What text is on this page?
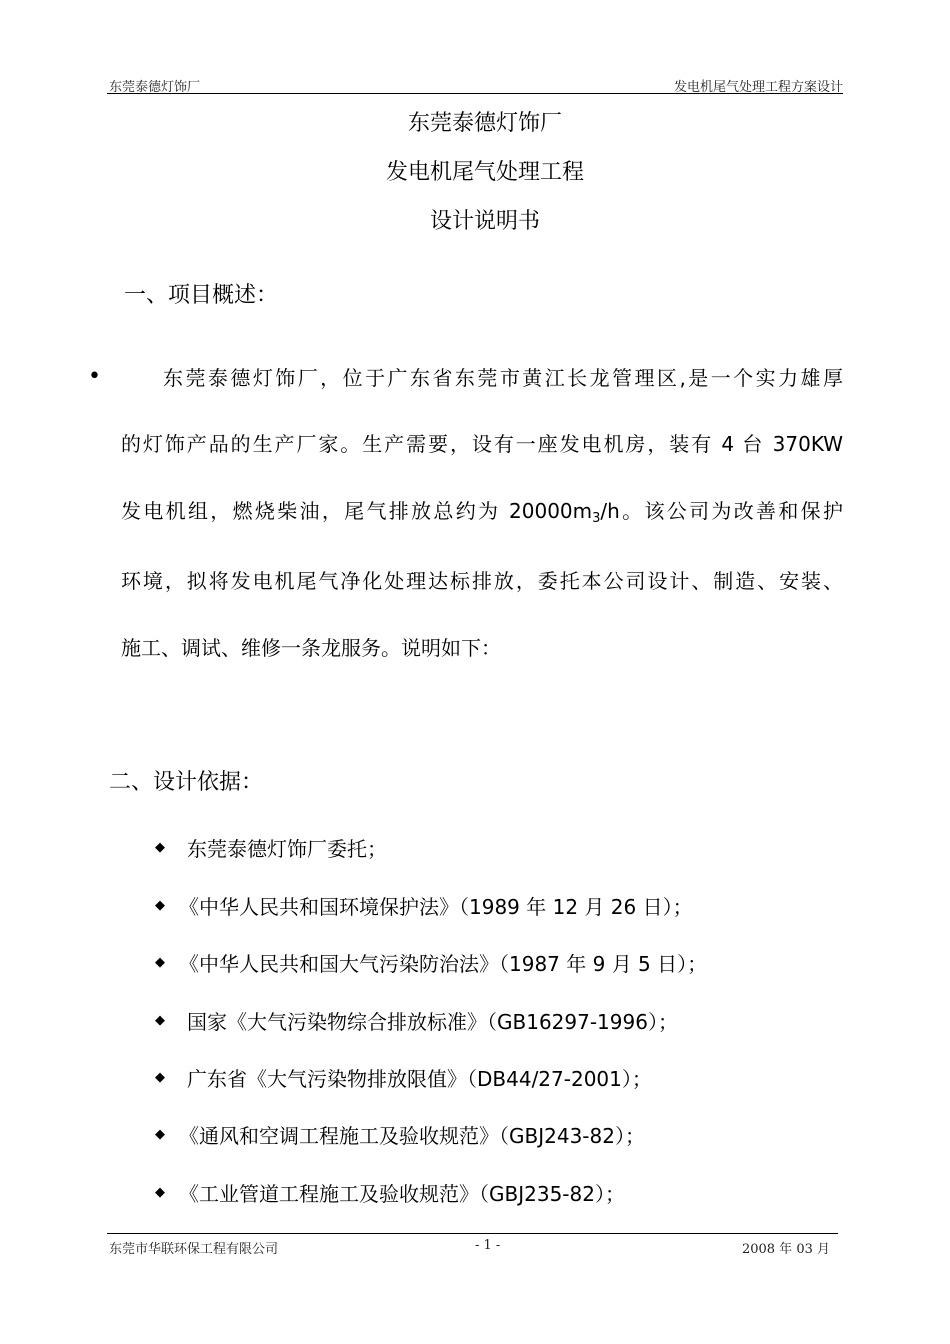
东莞泰德灯饰厂	发电机尾气处理工程方案设计
东莞泰德灯饰厂
发电机尾气处理工程
设计说明书
一、项目概述：
•	东莞泰德灯饰厂，位于广东省东莞市黄江长龙管理区,是一个实力雄厚
的灯饰产品的生产厂家。生产需要，设有一座发电机房，装有 4 台 370KW
发电机组，燃烧柴油，尾气排放总约为 $20000m_3/h$。该公司为改善和保护
环境，拟将发电机尾气净化处理达标排放，委托本公司设计、制造、安装、
施工、调试、维修一条龙服务。说明如下：
二、设计依据：
◆ 东莞泰德灯饰厂委托；
◆ 《中华人民共和国环境保护法》（1989 年 12 月 26 日）；
◆ 《中华人民共和国大气污染防治法》（1987 年 9 月 5 日）；
◆ 国家《大气污染物综合排放标准》（GB16297-1996）；
◆ 广东省《大气污染物排放限值》（DB44/27-2001）；
◆ 《通风和空调工程施工及验收规范》（GBJ243-82）；
◆ 《工业管道工程施工及验收规范》（GBJ235-82）；
东莞市华联环保工程有限公司	- 1 -	2008 年 03 月
